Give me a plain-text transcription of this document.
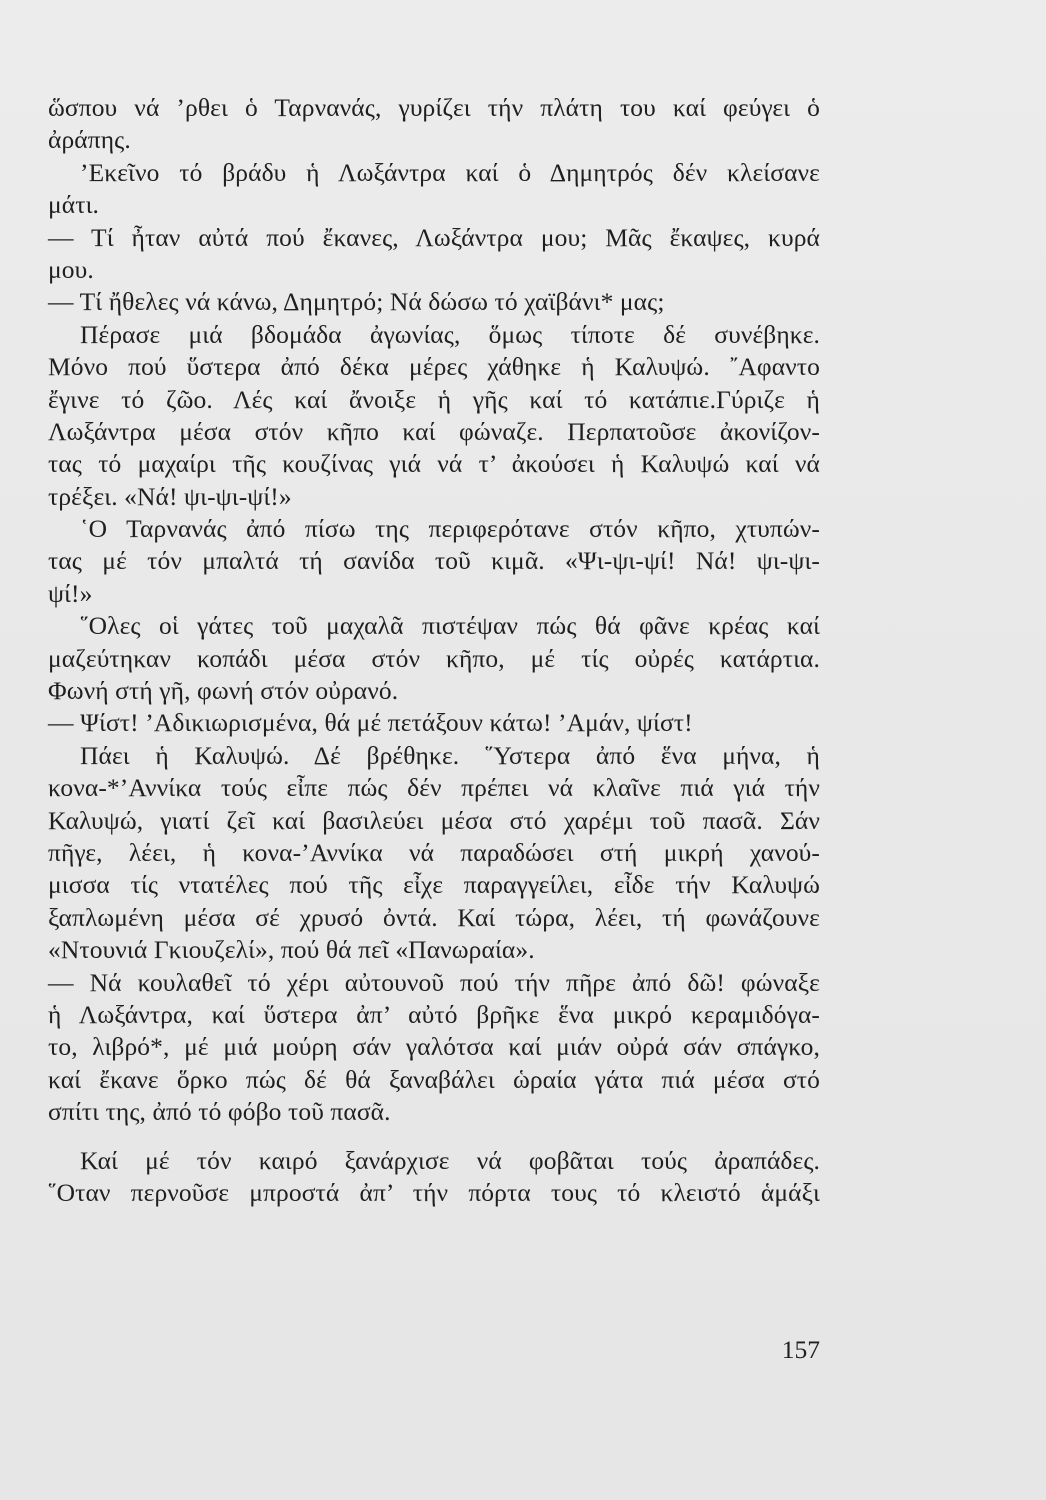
ὥσπου νά ’ρθει ὁ Ταρνανάς, γυρίζει τήν πλάτη του καί φεύγει ὁ
ἀράπης.
’Εκεῖνο τό βράδυ ἡ Λωξάντρα καί ὁ Δημητρός δέν κλείσανε
μάτι.
— Τί ἦταν αὐτά πού ἔκανες, Λωξάντρα μου; Μᾶς ἔκαψες, κυρά
μου.
— Τί ἤθελες νά κάνω, Δημητρό; Νά δώσω τό χαϊβάνι* μας;
Πέρασε μιά βδομάδα ἀγωνίας, ὅμως τίποτε δέ συνέβηκε.
Μόνο πού ὕστερα ἀπό δέκα μέρες χάθηκε ἡ Καλυψώ. ῎Αφαντο
ἔγινε τό ζῶο. Λές καί ἄνοιξε ἡ γῆς καί τό κατάπιε.Γύριζε ἡ
Λωξάντρα μέσα στόν κῆπο καί φώναζε. Περπατοῦσε ἀκονίζον-
τας τό μαχαίρι τῆς κουζίνας γιά νά τ’ ἀκούσει ἡ Καλυψώ καί νά
τρέξει. «Νά! ψι-ψι-ψί!»
῾Ο Ταρνανάς ἀπό πίσω της περιφερότανε στόν κῆπο, χτυπών-
τας μέ τόν μπαλτά τή σανίδα τοῦ κιμᾶ. «Ψι-ψι-ψί! Νά! ψι-ψι-
ψί!»
῞Ολες οἱ γάτες τοῦ μαχαλᾶ πιστέψαν πώς θά φᾶνε κρέας καί
μαζεύτηκαν κοπάδι μέσα στόν κῆπο, μέ τίς οὐρές κατάρτια.
Φωνή στή γῆ, φωνή στόν οὐρανό.
— Ψίστ! ’Αδικιωρισμένα, θά μέ πετάξουν κάτω! ’Αμάν, ψίστ!
Πάει ἡ Καλυψώ. Δέ βρέθηκε. ῞Υστερα ἀπό ἕνα μήνα, ἡ
κονα-*’Αννίκα τούς εἶπε πώς δέν πρέπει νά κλαῖνε πιά γιά τήν
Καλυψώ, γιατί ζεῖ καί βασιλεύει μέσα στό χαρέμι τοῦ πασᾶ. Σάν
πῆγε, λέει, ἡ κονα-’Αννίκα νά παραδώσει στή μικρή χανού-
μισσα τίς ντατέλες πού τῆς εἶχε παραγγείλει, εἶδε τήν Καλυψώ
ξαπλωμένη μέσα σέ χρυσό ὀντά. Καί τώρα, λέει, τή φωνάζουνε
«Ντουνιά Γκιουζελί», πού θά πεῖ «Πανωραία».
— Νά κουλαθεῖ τό χέρι αὐτουνοῦ πού τήν πῆρε ἀπό δῶ! φώναξε
ἡ Λωξάντρα, καί ὕστερα ἀπ’ αὐτό βρῆκε ἕνα μικρό κεραμιδόγα-
το, λιβρό*, μέ μιά μούρη σάν γαλότσα καί μιάν οὐρά σάν σπάγκο,
καί ἔκανε ὅρκο πώς δέ θά ξαναβάλει ὡραία γάτα πιά μέσα στό
σπίτι της, ἀπό τό φόβο τοῦ πασᾶ.
Καί μέ τόν καιρό ξανάρχισε νά φοβᾶται τούς ἀραπάδες.
῞Οταν περνοῦσε μπροστά ἀπ’ τήν πόρτα τους τό κλειστό ἁμάξι
157
